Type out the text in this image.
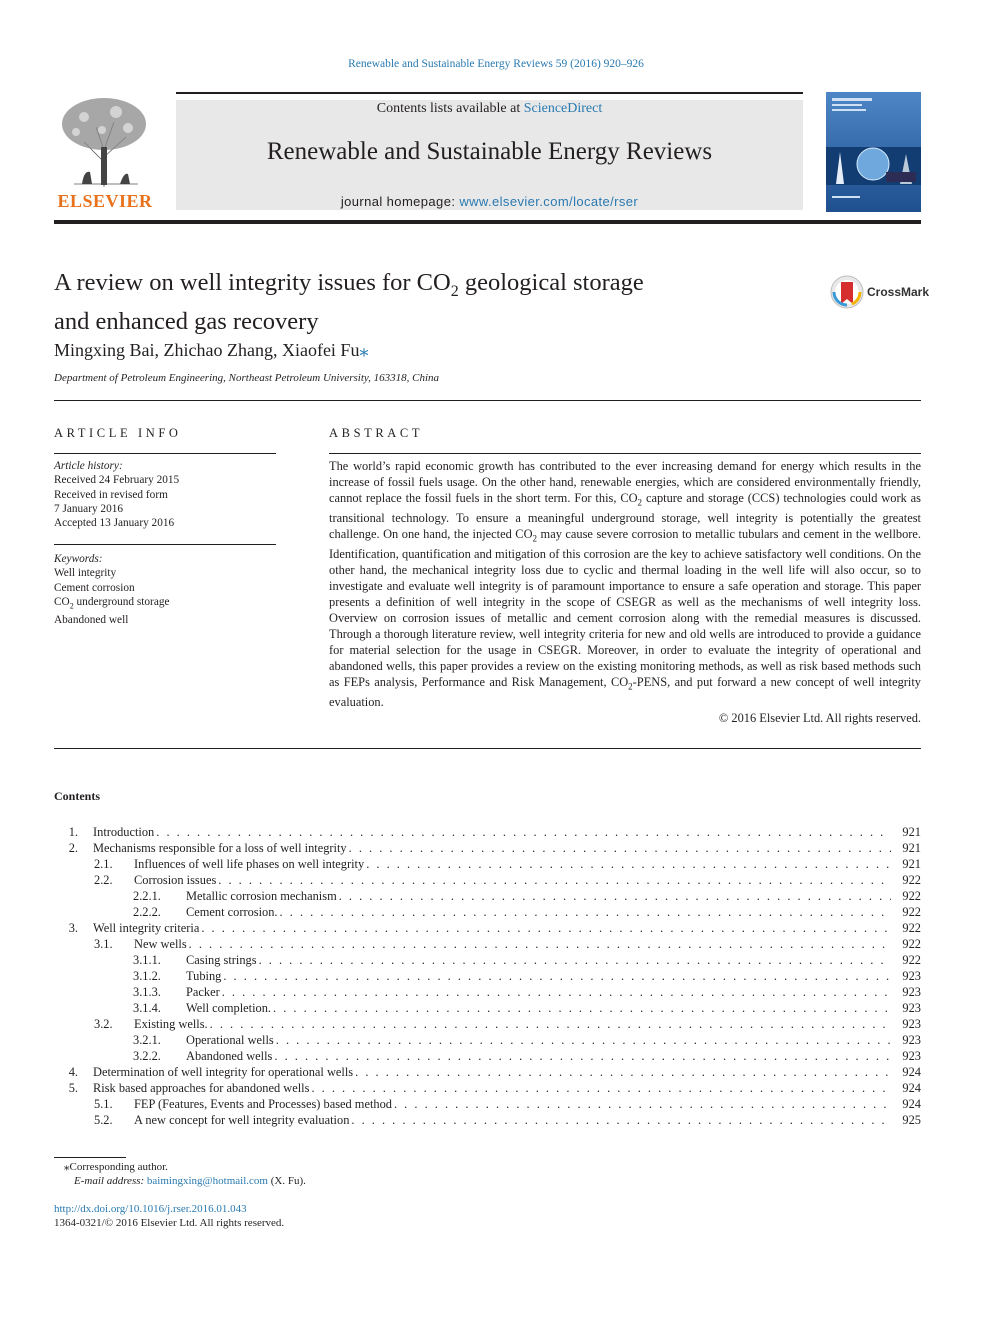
Renewable and Sustainable Energy Reviews 59 (2016) 920–926
ELSEVIER
Contents lists available at ScienceDirect
Renewable and Sustainable Energy Reviews
journal homepage: www.elsevier.com/locate/rser
A review on well integrity issues for $CO_2$ geological storage
and enhanced gas recovery
CrossMark
Mingxing Bai, Zhichao Zhang, Xiaofei Fu⁎
Department of Petroleum Engineering, Northeast Petroleum University, 163318, China
ARTICLE INFO
Article history:
Received 24 February 2015
Received in revised form
7 January 2016
Accepted 13 January 2016
Keywords:
Well integrity
Cement corrosion
$CO_2$ underground storage
Abandoned well
ABSTRACT

The world’s rapid economic growth has contributed to the ever increasing demand for energy which results in the increase of fossil fuels usage. On the other hand, renewable energies, which are considered environmentally friendly, cannot replace the fossil fuels in the short term. For this, $CO_2$ capture and storage (CCS) technologies could work as transitional technology. To ensure a meaningful underground storage, well integrity is potentially the greatest challenge. On one hand, the injected $CO_2$ may cause severe corrosion to metallic tubulars and cement in the wellbore. Identification, quantification and mitigation of this corrosion are the key to achieve satisfactory well conditions. On the other hand, the mechanical integrity loss due to cyclic and thermal loading in the well life will also occur, so to investigate and evaluate well integrity is of paramount importance to ensure a safe operation and storage. This paper presents a definition of well integrity in the scope of CSEGR as well as the mechanisms of well integrity loss. Overview on corrosion issues of metallic and cement corrosion along with the remedial measures is discussed. Through a thorough literature review, well integrity criteria for new and old wells are introduced to provide a guidance for material selection for the usage in CSEGR. Moreover, in order to evaluate the integrity of operational and abandoned wells, this paper provides a review on the existing monitoring methods, as well as risk based methods such as FEPs analysis, Performance and Risk Management, $CO_2$-PENS, and put forward a new concept of well integrity evaluation.

© 2016 Elsevier Ltd. All rights reserved.

Contents
1. Introduction . . .	921
2. Mechanisms responsible for a loss of well integrity . . .	921
2.1.	Influences of well life phases on well integrity . . .	921
2.2.	Corrosion issues . . .	922
2.2.1.	Metallic corrosion mechanism . . .	922
2.2.2.	Cement corrosion. . . .	922
3. Well integrity criteria . . .	922
3.1.	New wells . . .	922
3.1.1.	Casing strings . . .	922
3.1.2.	Tubing . . .	923
3.1.3.	Packer . . .	923
3.1.4.	Well completion. . . .	923
3.2.	Existing wells. . . .	923
3.2.1.	Operational wells . . .	923
3.2.2.	Abandoned wells . . .	923
4. Determination of well integrity for operational wells . . .	924
5. Risk based approaches for abandoned wells . . .	924
5.1.	FEP (Features, Events and Processes) based method . . .	924
5.2.	A new concept for well integrity evaluation . . .	925
⁎Corresponding author.
E-mail address: baimingxing@hotmail.com (X. Fu).
http://dx.doi.org/10.1016/j.rser.2016.01.043
1364-0321/© 2016 Elsevier Ltd. All rights reserved.
